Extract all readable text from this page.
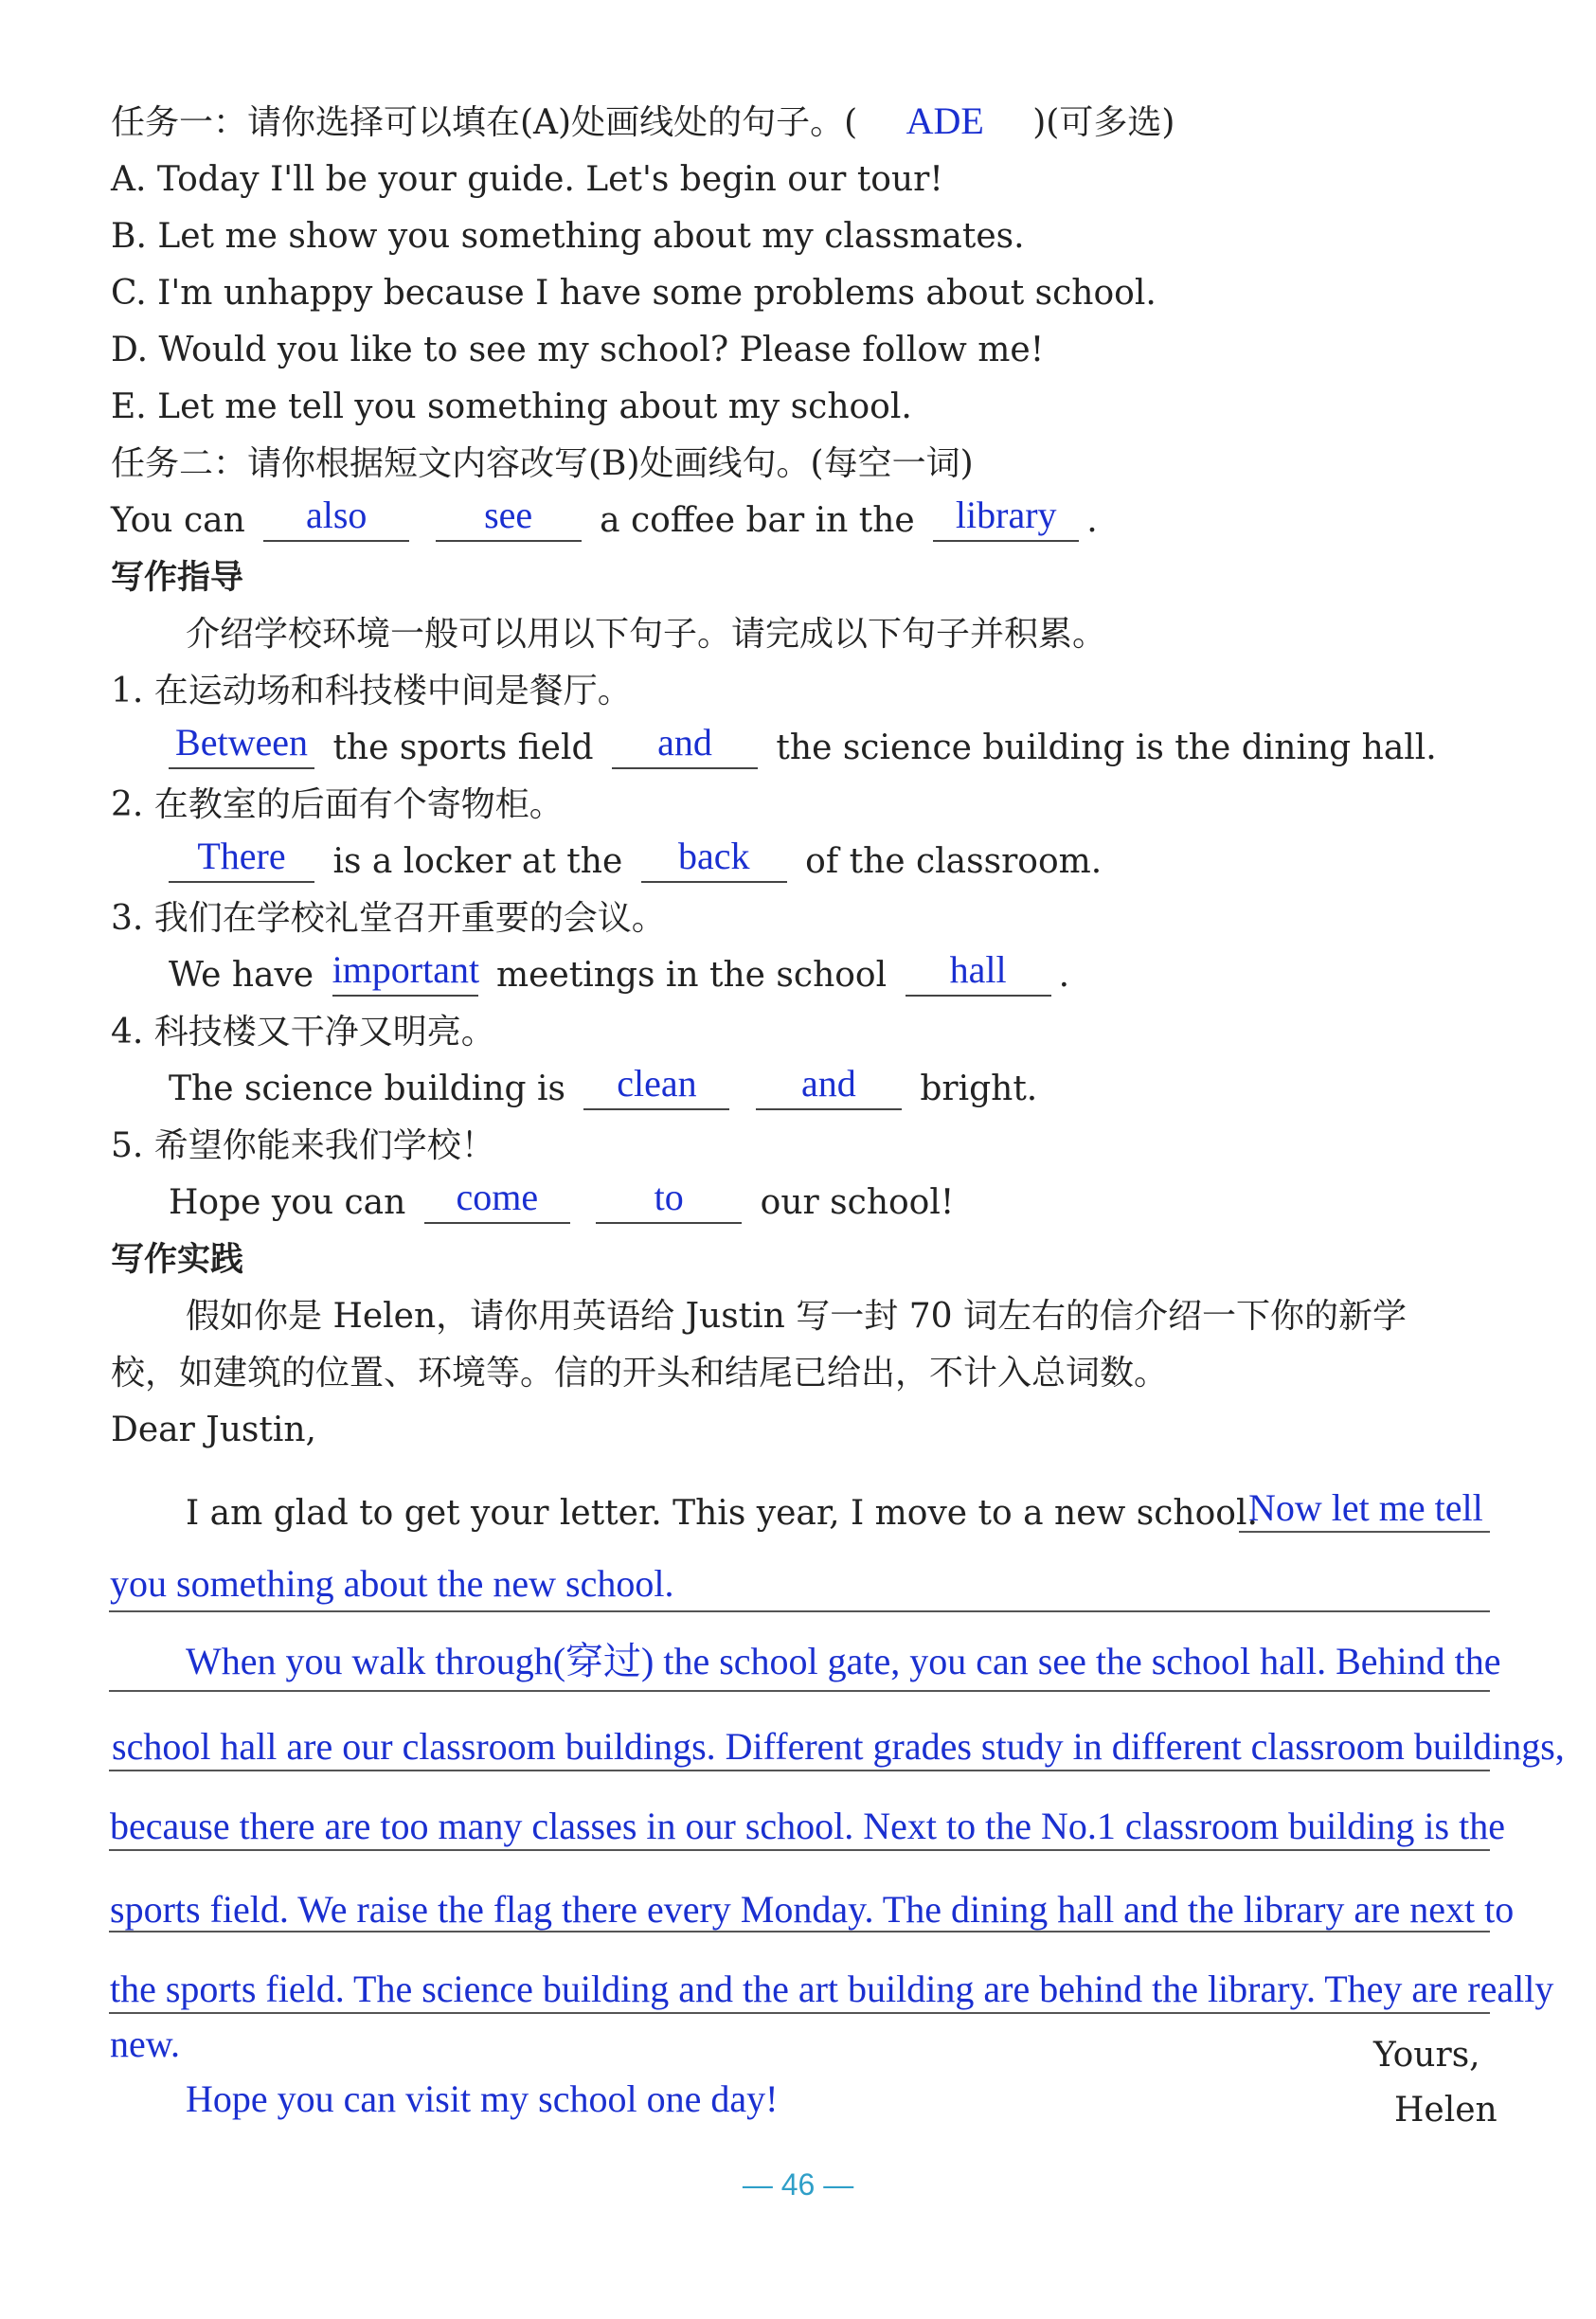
任务一：请你选择可以填在(A)处画线处的句子。( ADE )(可多选)
A. Today I'll be your guide. Let's begin our tour!
B. Let me show you something about my classmates.
C. I'm unhappy because I have some problems about school.
D. Would you like to see my school? Please follow me!
E. Let me tell you something about my school.
任务二：请你根据短文内容改写(B)处画线句。(每空一词)
You can	also
	see	a coffee bar in the	library .
写作指导
介绍学校环境一般可以用以下句子。请完成以下句子并积累。
1. 在运动场和科技楼中间是餐厅。
Between the sports field	and	the science building is the dining hall.
2. 在教室的后面有个寄物柜。
There	is a locker at the	back	of the classroom.
3. 我们在学校礼堂召开重要的会议。
We have important meetings in the school	hall	.
4. 科技楼又干净又明亮。
The science building is	clean
	and	bright.
5. 希望你能来我们学校！
Hope you can	come
	to	our school!
写作实践
假如你是 Helen，请你用英语给 Justin 写一封 70 词左右的信介绍一下你的新学
校，如建筑的位置、环境等。信的开头和结尾已给出，不计入总词数。
Dear Justin,
I am glad to get your letter. This year, I move to a new school.
Now let me tell
you something about the new school.
When you walk through(穿过) the school gate, you can see the school hall. Behind the
school hall are our classroom buildings. Different grades study in different classroom buildings,
because there are too many classes in our school. Next to the No.1 classroom building is the
sports field. We raise the flag there every Monday. The dining hall and the library are next to
the sports field. The science building and the art building are behind the library. They are really
new.
Hope you can visit my school one day!
Yours,
Helen
— 46 —
